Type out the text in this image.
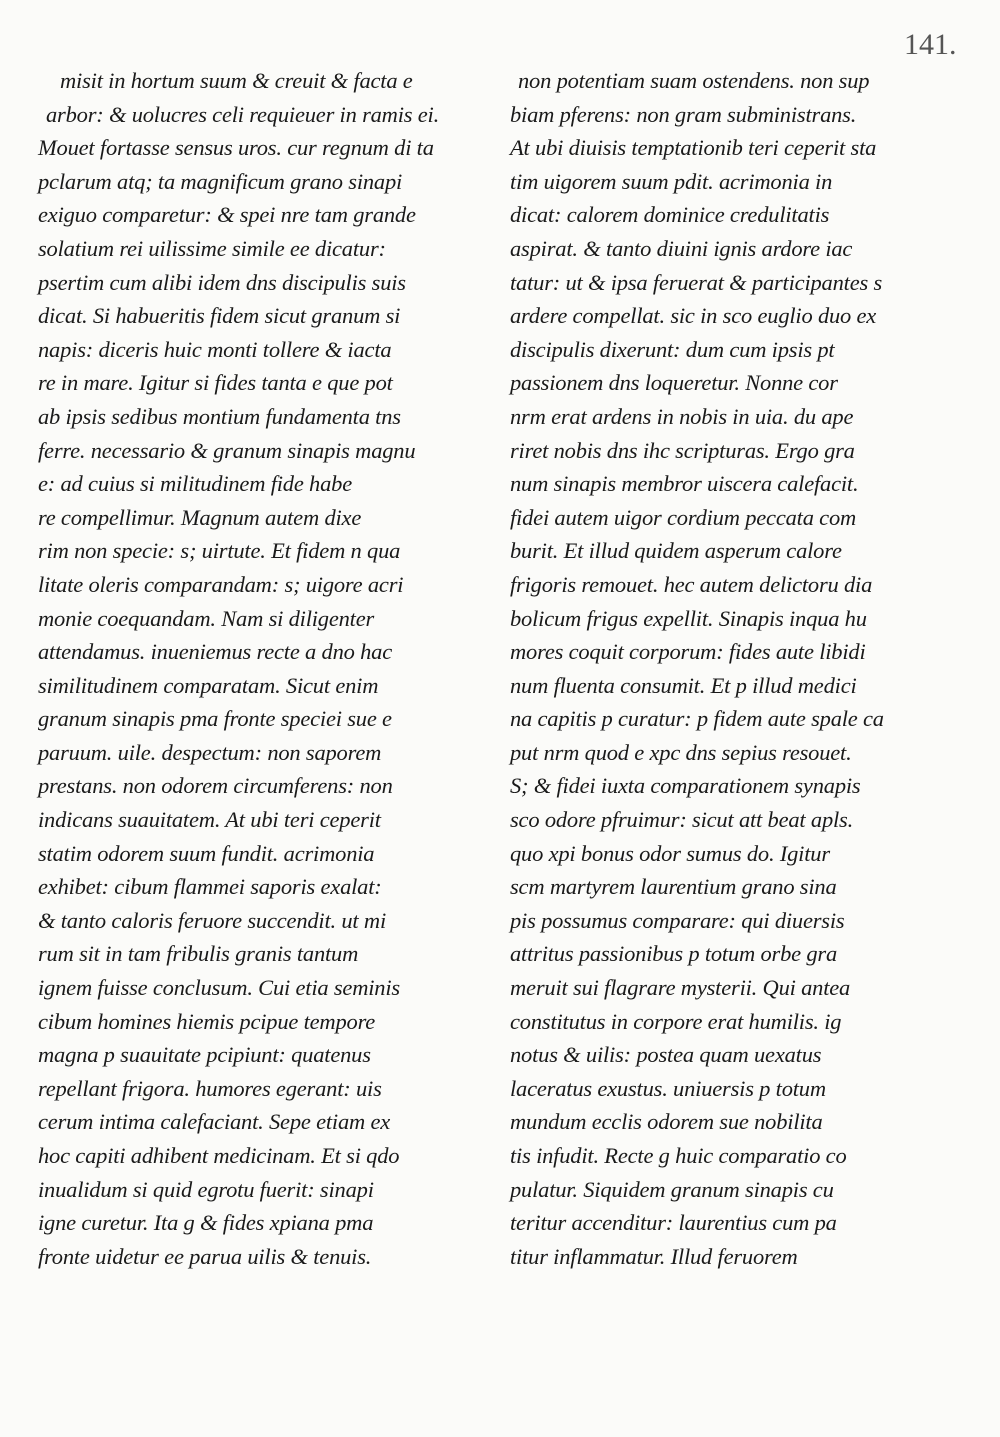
141.
misit in hortum suum & creuit & facta e
arbor: & uolucres celi requieuer in ramis ei.
Mouet fortasse sensus uros. cur regnum di ta
pclarum atq; ta magnificum grano sinapi
exiguo comparetur: & spei nre tam grande
solatium rei uilissime simile ee dicatur:
psertim cum alibi idem dns discipulis suis
dicat. Si habueritis fidem sicut granum si
napis: diceris huic monti tollere & iacta
re in mare. Igitur si fides tanta e que pot
ab ipsis sedibus montium fundamenta tns
ferre. necessario & granum sinapis magnu
e: ad cuius si militudinem fide habe
re compellimur. Magnum autem dixe
rim non specie: s; uirtute. Et fidem n qua
litate oleris comparandam: s; uigore acri
monie coequandam. Nam si diligenter
attendamus. inueniemus recte a dno hac
similitudinem comparatam. Sicut enim
granum sinapis pma fronte speciei sue e
paruum. uile. despectum: non saporem
prestans. non odorem circumferens: non
indicans suauitatem. At ubi teri ceperit
statim odorem suum fundit. acrimonia
exhibet: cibum flammei saporis exalat:
& tanto caloris feruore succendit. ut mi
rum sit in tam fribulis granis tantum
ignem fuisse conclusum. Cui etia seminis
cibum homines hiemis pcipue tempore
magna p suauitate pcipiunt: quatenus
repellant frigora. humores egerant: uis
cerum intima calefaciant. Sepe etiam ex
hoc capiti adhibent medicinam. Et si qdo
inualidum si quid egrotu fuerit: sinapi
igne curetur. Ita g & fides xpiana pma
fronte uidetur ee parua uilis & tenuis.
non potentiam suam ostendens. non sup
biam pferens: non gram subministrans.
At ubi diuisis temptationib teri ceperit sta
tim uigorem suum pdit. acrimonia in
dicat: calorem dominice credulitatis
aspirat. & tanto diuini ignis ardore iac
tatur: ut & ipsa feruerat & participantes s
ardere compellat. sic in sco euglio duo ex
discipulis dixerunt: dum cum ipsis pt
passionem dns loqueretur. Nonne cor
nrm erat ardens in nobis in uia. du ape
riret nobis dns ihc scripturas. Ergo gra
num sinapis membror uiscera calefacit.
fidei autem uigor cordium peccata com
burit. Et illud quidem asperum calore
frigoris remouet. hec autem delictoru dia
bolicum frigus expellit. Sinapis inqua hu
mores coquit corporum: fides aute libidi
num fluenta consumit. Et p illud medici
na capitis p curatur: p fidem aute spale ca
put nrm quod e xpc dns sepius resouet.
S; & fidei iuxta comparationem synapis
sco odore pfruimur: sicut att beat apls.
quo xpi bonus odor sumus do. Igitur
scm martyrem laurentium grano sina
pis possumus comparare: qui diuersis
attritus passionibus p totum orbe gra
meruit sui flagrare mysterii. Qui antea
constitutus in corpore erat humilis. ig
notus & uilis: postea quam uexatus
laceratus exustus. uniuersis p totum
mundum ecclis odorem sue nobilita
tis infudit. Recte g huic comparatio co
pulatur. Siquidem granum sinapis cu
teritur accenditur: laurentius cum pa
titur inflammatur. Illud feruorem
